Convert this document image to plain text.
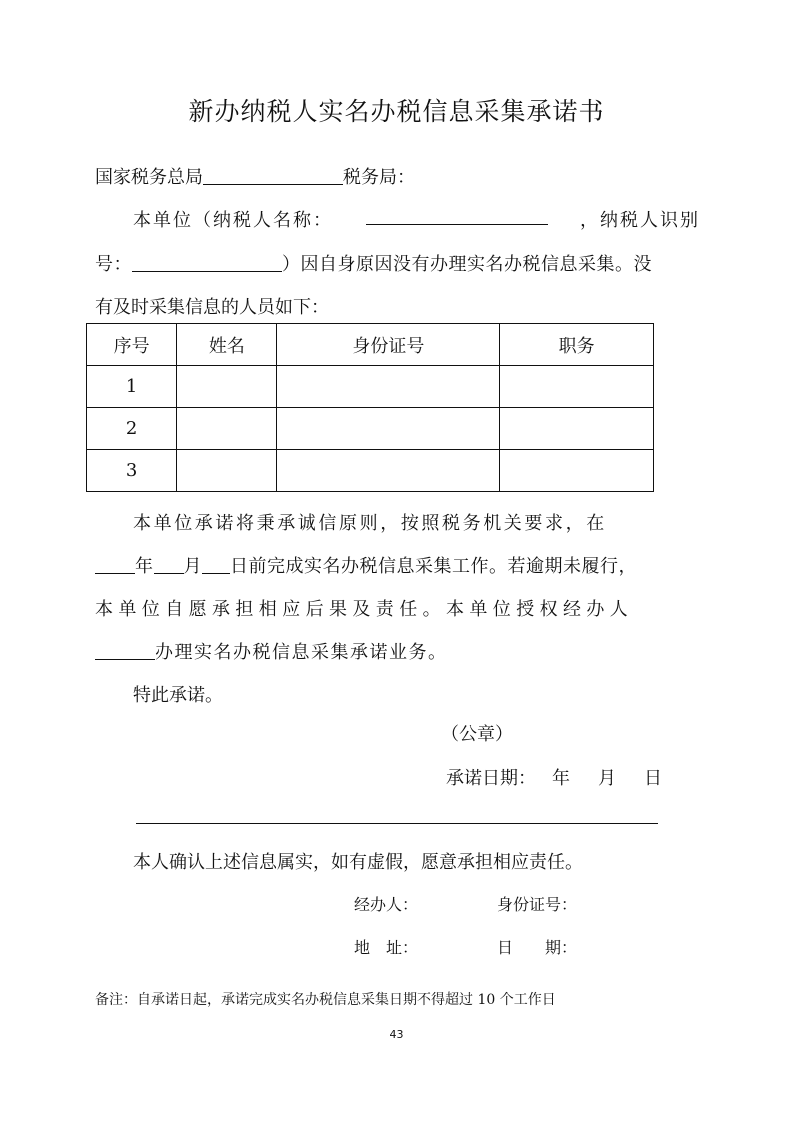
新办纳税人实名办税信息采集承诺书
国家税务总局	税务局：
本单位（纳税人名称：	，纳税人识别
号：	）因自身原因没有办理实名办税信息采集。没
有及时采集信息的人员如下：
序号	姓名	身份证号	职务
1			
2			
3			
本单位承诺将秉承诚信原则，按照税务机关要求，在
年 月 日前完成实名办税信息采集工作。若逾期未履行，
本单位自愿承担相应后果及责任。本单位授权经办人
办理实名办税信息采集承诺业务。
特此承诺。
（公章）
承诺日期： 年 月 日
本人确认上述信息属实，如有虚假，愿意承担相应责任。
经办人：	身份证号：
地　址：	日　　期：
备注：自承诺日起，承诺完成实名办税信息采集日期不得超过 10 个工作日
43
